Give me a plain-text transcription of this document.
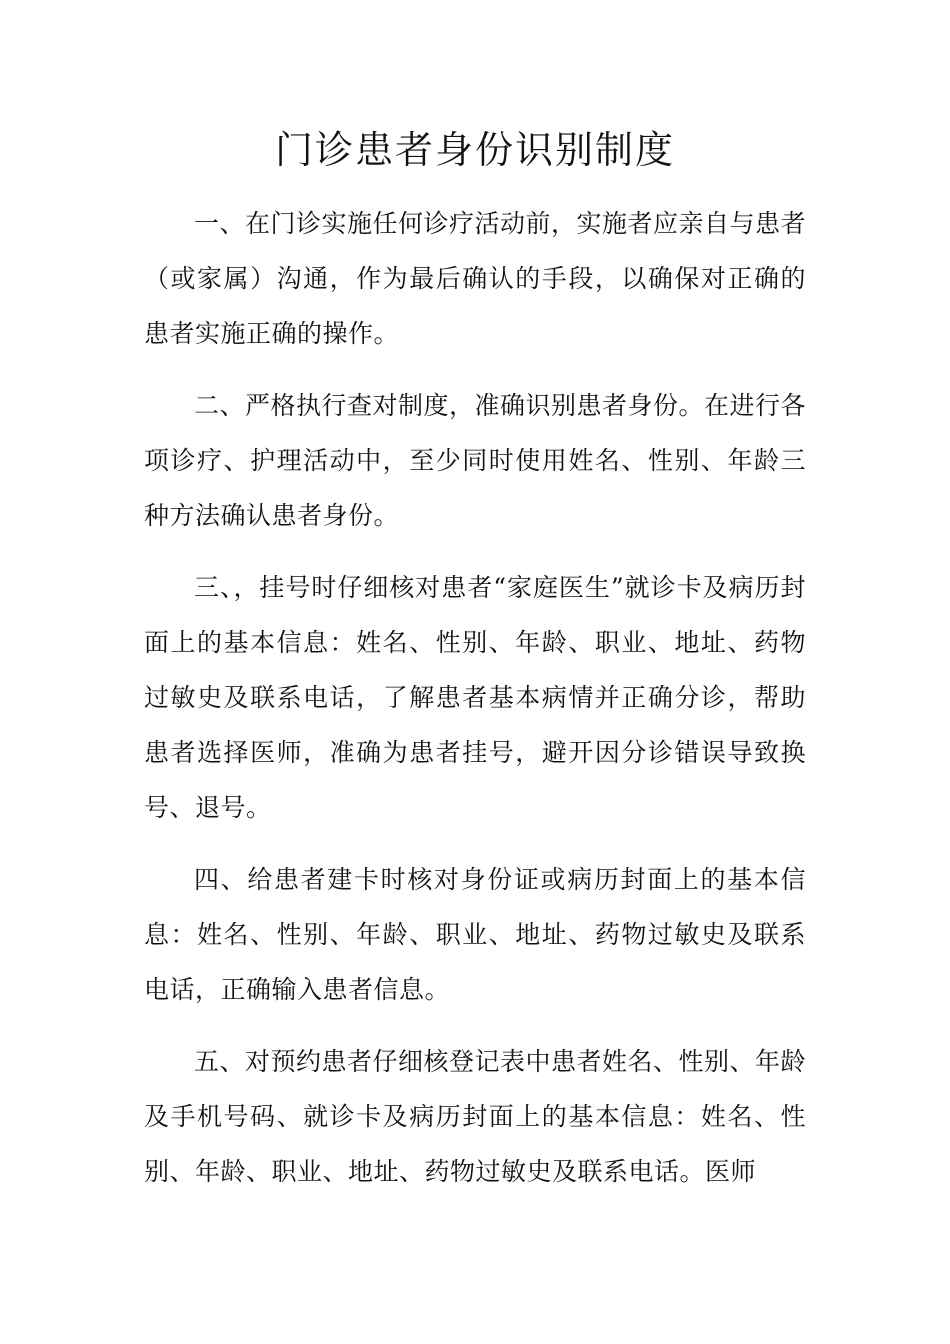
门诊患者身份识别制度

一、在门诊实施任何诊疗活动前，实施者应亲自与患者（或家属）沟通，作为最后确认的手段，以确保对正确的患者实施正确的操作。

二、严格执行查对制度，准确识别患者身份。在进行各项诊疗、护理活动中，至少同时使用姓名、性别、年龄三种方法确认患者身份。

三、，挂号时仔细核对患者“家庭医生”就诊卡及病历封面上的基本信息：姓名、性别、年龄、职业、地址、药物过敏史及联系电话，了解患者基本病情并正确分诊，帮助患者选择医师，准确为患者挂号，避开因分诊错误导致换号、退号。

四、给患者建卡时核对身份证或病历封面上的基本信息：姓名、性别、年龄、职业、地址、药物过敏史及联系电话，正确输入患者信息。

五、对预约患者仔细核登记表中患者姓名、性别、年龄及手机号码、就诊卡及病历封面上的基本信息：姓名、性别、年龄、职业、地址、药物过敏史及联系电话。医师
